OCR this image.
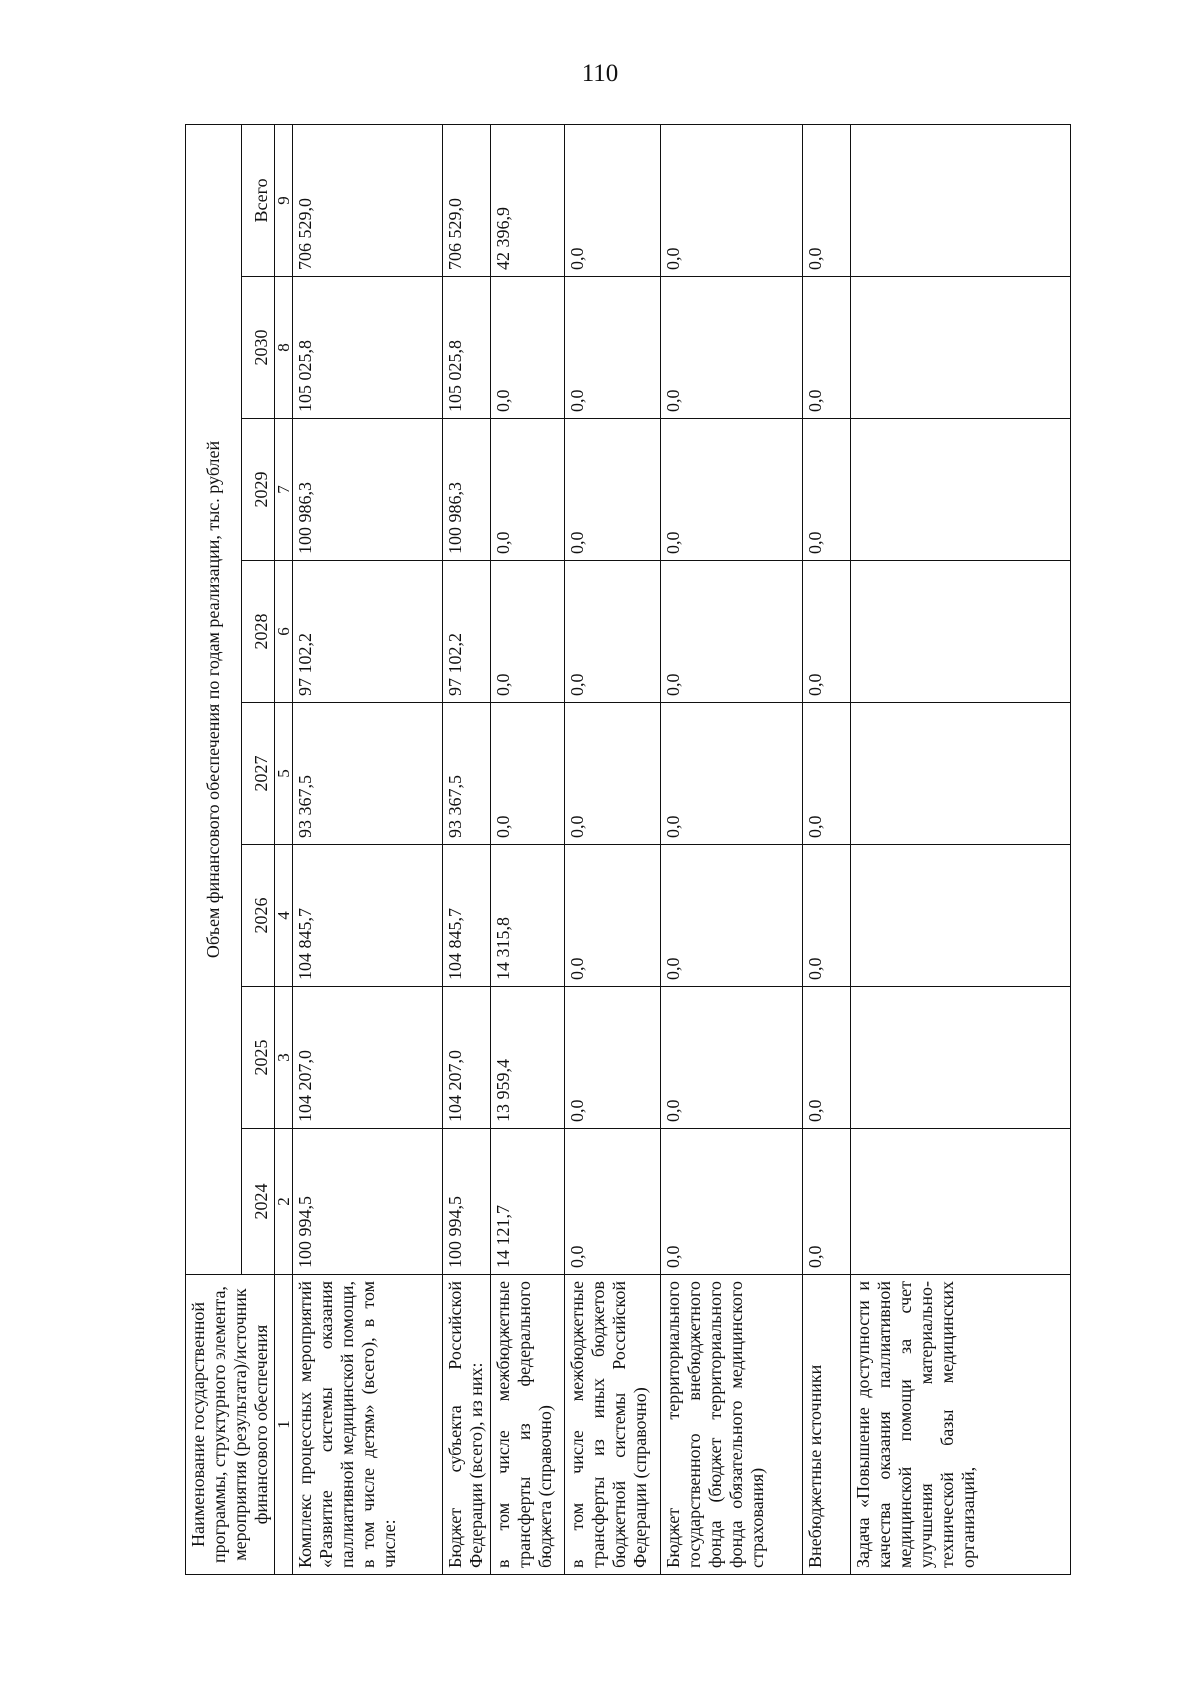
110
Наименование государственной программы, структурного элемента, мероприятия (результата)/источник финансового обеспечения	Объем финансового обеспечения по годам реализации, тыс. рублей							
	2024	2025	2026	2027	2028	2029	2030	Всего
1	2	3	4	5	6	7	8	9
Комплекс процессных мероприятий «Развитие системы оказания паллиативной медицинской помощи, в том числе детям» (всего), в том числе:	100 994,5	104 207,0	104 845,7	93 367,5	97 102,2	100 986,3	105 025,8	706 529,0
Бюджет субъекта Российской Федерации (всего), из них:	100 994,5	104 207,0	104 845,7	93 367,5	97 102,2	100 986,3	105 025,8	706 529,0
в том числе межбюджетные трансферты из федерального бюджета (справочно)	14 121,7	13 959,4	14 315,8	0,0	0,0	0,0	0,0	42 396,9
в том числе межбюджетные трансферты из иных бюджетов бюджетной системы Российской Федерации (справочно)	0,0	0,0	0,0	0,0	0,0	0,0	0,0	0,0
Бюджет территориального государственного внебюджетного фонда (бюджет территориального фонда обязательного медицинского страхования)	0,0	0,0	0,0	0,0	0,0	0,0	0,0	0,0
Внебюджетные источники	0,0	0,0	0,0	0,0	0,0	0,0	0,0	0,0
Задача «Повышение доступности и качества оказания паллиативной медицинской помощи за счет улучшения материально-технической базы медицинских организаций,								
